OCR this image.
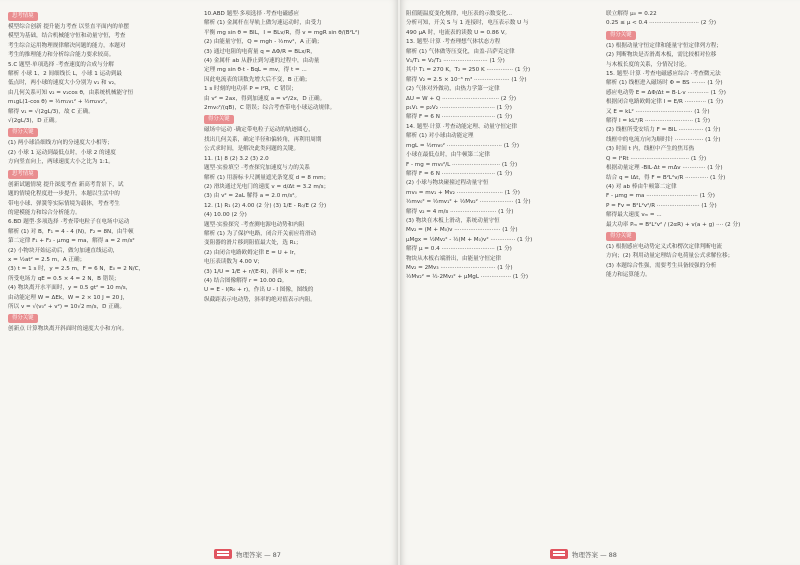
思考情境

模型综合创新 提升能力考查 以竖直平面内的单摆
模型为基础，结合机械能守恒和动量守恒，考查
考生综合运用物理规律解决问题的能力，本题对
考生的推理能力和分析综合能力要求较高。
5.C 题型·单项选择 ·考查速度的合成与分解
解析 小球 1、2 间细线长 L，小球 1 运动到最
低点时，两小球的速度大小分别为 v₁ 和 v₂，
由几何关系可知 v₂ = v₁cos θ，由系统机械能守恒
m₁gL(1-cos θ) = ½m₁v₁² + ½m₂v₂²，
解得 v₁ = √(2gL/3)，故 C 正确。
√(2gL/3)，D 正确。
得分关键

(1) 两小球沿细线方向的分速度大小相等；
(2) 小球 1 运动到最低点时，小球 2 的速度
方向竖直向上，两球速度大小之比为 1:1。
思考情境

创新试题情境 提升深度考查 新高考背景下，试
题的情境化程度进一步提升，本题以生活中的
带电小球、弹簧等实际情境为载体，考查考生
的建模能力和综合分析能力。
6.BD 题型·多项选择 ·考查带电粒子在电场中运动
解析 (1) 对 B，F₁ = 4 - 4 (N)，F₂ = 8N，由牛顿
第二定律 F₁ + F₂ - μmg = ma，解得 a = 2 m/s²
(2) 小物块开始运动后，做匀加速直线运动，
x = ½at² = 2.5 m，A 正确；
(3) t = 1 s 时，y = 2.5 m，F = 6 N，E₀ = 2 N/C，
所受电场力 qE = 0.5 × 4 = 2 N，B 错误；
(4) 物块离开水平面时，y = 0.5 gt² = 10 m/s，
由动能定理 W = ΔEk，W = 2 × 10 J = 20 J，
所以 v = √(v₀² + v²) = 10√2 m/s，D 正确。
得分关键

创新点 计算物块离开斜面时的速度大小和方向。
10.ABD 题型·多项选择 ·考查电磁感应
解析 (1) 金属杆在导轨上做匀速运动时，由受力
平衡 mg sin θ = BIL，I = BLv/R，得 v = mgR sin θ/(B²L²)
(2) 由能量守恒，Q = mgh - ½mv²，A 正确；
(3) 通过电阻的电荷量 q = ΔΦ/R = BLx/R，
(4) 金属杆 ab 从静止到匀速的过程中，由动量
定理 mg sin θ·t - BqL = mv，得 t = ...
因此电流表的读数先增大后不变，B 正确；
1 s 时刻的电功率 P = I²R，C 错误；
由 v² = 2ax，得到加速度 a = v²/2x，D 正确。
2mv₀²/(qB)，C 错误；综合考查带电小球运动规律。
得分关键

磁场中运动 ·确定带电粒子运动的轨迹圆心，
找出几何关系，确定半径和偏转角，再利用周期
公式求时间，是解决此类问题的关键。
11. (1) 8 (2) 3.2 (3) 2.0
题型·实验填空 ·考查探究加速度与力的关系
解析 (1) 用游标卡尺测量遮光条宽度 d = 8 mm；
(2) 滑块通过光电门的速度 v = d/Δt = 3.2 m/s；
(3) 由 v² = 2aL 解得 a = 2.0 m/s²。
12. (1) R₁ (2) 4.00 (2 分) (3) 1/E - R₀/E (2 分)
(4) 10.00 (2 分)
题型·实验探究 ·考查测电源电动势和内阻
解析 (1) 为了保护电路，闭合开关前应将滑动
变阻器的滑片移到阻值最大处，选 R₁；
(2) 由闭合电路欧姆定律 E = U + Ir，
电压表读数为 4.00 V；
(3) 1/U = 1/E + r/(E·R)，斜率 k = r/E；
(4) 结合图像解得 r = 10.00 Ω。
U = E - I(R₀ + r)，作出 U - I 图像，图线的
纵截距表示电动势，斜率的绝对值表示内阻。
物理答案 — 87
阻值随温度变化规律，电压表的示数变化...
分析可知，开关 S 与 1 连接时，电压表示数 U 与
490 μA 时，电流表的读数 U = 0.86 V。
13. 题型·计算 ·考查理想气体状态方程
解析 (1) 气体做等压变化，由盖-吕萨克定律
V₁/T₁ = V₂/T₂ ························· (1 分)
其中 T₁ = 270 K，T₂ = 250 K ··············· (1 分)
解得 V₂ = 2.5 × 10⁻³ m³ ···················· (1 分)
(2) 气体对外做功，由热力学第一定律
ΔU = W + Q ································ (2 分)
p₁V₁ = p₂V₂ ······························· (1 分)
解得 F = 6 N ······························ (1 分)
14. 题型·计算 ·考查动能定理、动量守恒定律
解析 (1) 对小球由动能定理
mgL = ½mv₀² ······························· (1 分)
小球在最低点时，由牛顿第二定律
F - mg = mv₀²/L ··························· (1 分)
解得 F = 6 N ······························ (1 分)
(2) 小球与物块碰撞过程动量守恒
mv₀ = mv₁ + Mv₂ ·························· (1 分)
½mv₀² = ½mv₁² + ½Mv₂² ··················· (1 分)
解得 v₂ = 4 m/s ·························· (1 分)
(3) 物块在木板上滑动，系统动量守恒
Mv₂ = (M + M₀)v ·························· (1 分)
μMgx = ½Mv₂² - ½(M + M₀)v² ·············· (1 分)
解得 μ = 0.4 ······························ (1 分)
物块从木板右端滑出，由能量守恒定律
Mv₂ = 2Mv₃ ······························· (1 分)
½Mv₂² = ½·2Mv₃² + μMgL ················· (1 分)
联立解得 μ₀ = 0.22
0.25 ≤ μ < 0.4 ···························· (2 分)
得分关键

(1) 根据动量守恒定律和能量守恒定律列方程；
(2) 判断物块是否滑离木板，需比较相对位移
与木板长度的关系，分情况讨论。
15. 题型·计算 ·考查电磁感应综合 ·考查微元法
解析 (1) 线框进入磁场时 Φ = BS ········ (1 分)
感应电动势 E = ΔΦ/Δt = B·L·v ············ (1 分)
根据闭合电路欧姆定律 I = E/R ············ (1 分)
又 E = kL² ································ (1 分)
解得 I = kL²/R ··························· (1 分)
(2) 线框所受安培力 F = BIL ·············· (1 分)
线框中的电流方向为顺时针 ················ (1 分)
(3) 时间 t 内，线框中产生的焦耳热
Q = I²Rt ································· (1 分)
根据动量定理 -BIL·Δt = mΔv ············· (1 分)
结合 q = IΔt，得 F = B²L²v/R ············· (1 分)
(4) 对 ab 棒由牛顿第二定律
F - μmg = ma ····························· (1 分)
P = Fv = B²L²v²/R ························ (1 分)
解得最大速度 vₘ = ...
最大功率 Pₘ = B²L²v² / (2αR) + v(a + g) ···· (2 分)
得分关键

(1) 根据感应电动势定义式和楞次定律判断电流
方向；(2) 利用动量定理结合电荷量公式求解位移；
(3) 本题综合性强，需要考生具备较强的分析
能力和运算能力。
物理答案 — 88
